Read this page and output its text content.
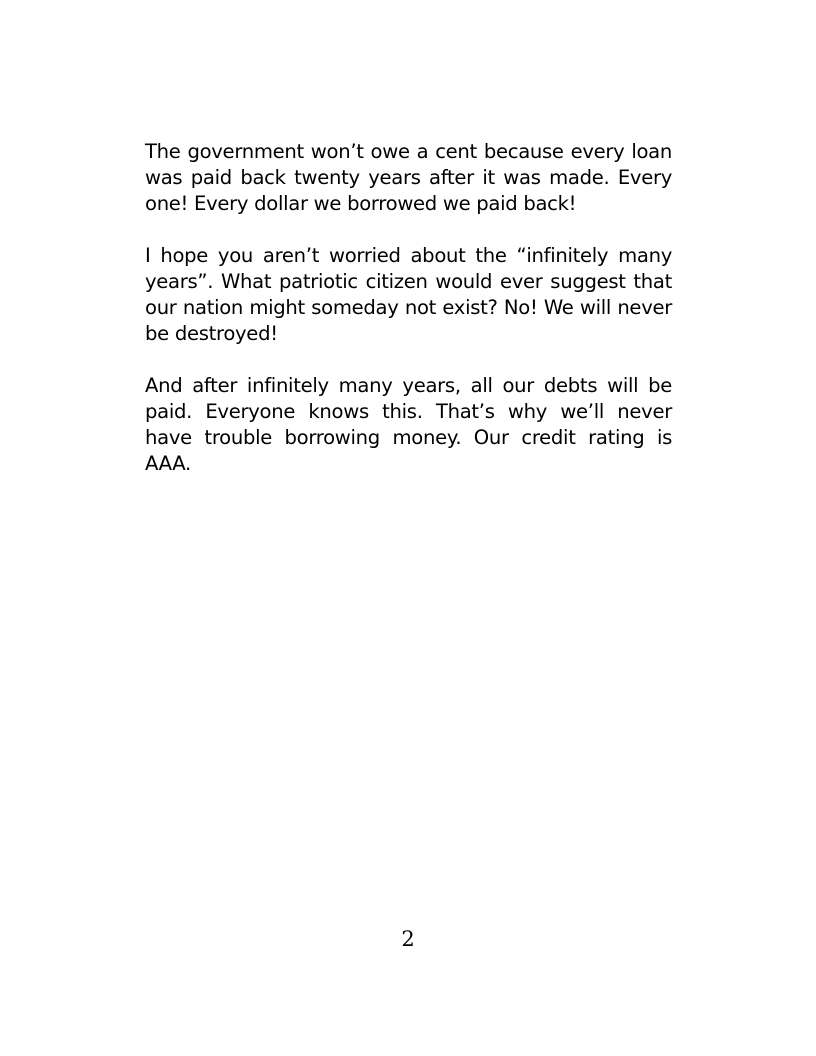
The government won’t owe a cent because every loan was paid back twenty years after it was made. Every one! Every dollar we borrowed we paid back!

I hope you aren’t worried about the “infinitely many years”. What patriotic citizen would ever suggest that our nation might someday not exist? No! We will never be destroyed!

And after infinitely many years, all our debts will be paid. Everyone knows this. That’s why we’ll never have trouble borrowing money. Our credit rating is AAA.

2
